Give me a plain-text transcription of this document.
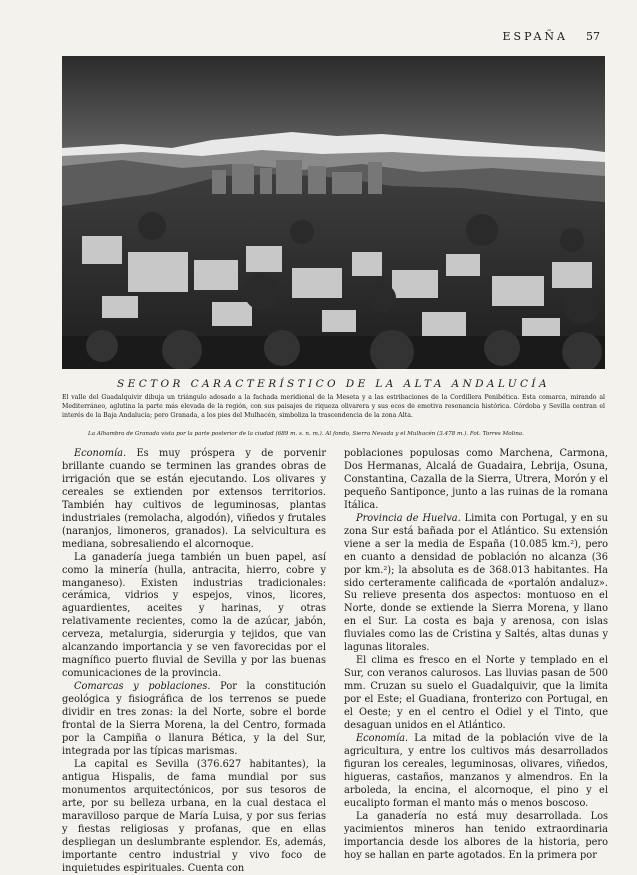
ESPAÑA 57
SECTOR CARACTERÍSTICO DE LA ALTA ANDALUCÍA
El valle del Guadalquivir dibuja un triángulo adosado a la fachada meridional de la Meseta y a las estribaciones de la Cordillera Penibética. Esta comarca, mirando al Mediterráneo, aglutina la parte más elevada de la región, con sus paisajes de riqueza olivarera y sus ecos de emotiva resonancia histórica. Córdoba y Sevilla centran el interés de la Baja Andalucía; pero Granada, a los pies del Mulhacén, simboliza la trascendencia de la zona Alta.
La Alhambra de Granada vista por la parte posterior de la ciudad (689 m. s. n. m.). Al fondo, Sierra Nevada y el Mulhacén (3.478 m.). Fot. Torres Molina.

Economía. Es muy próspera y de porvenir brillante cuando se terminen las grandes obras de irrigación que se están ejecutando. Los olivares y cereales se extienden por extensos territorios. También hay cultivos de leguminosas, plantas industriales (remolacha, algodón), viñedos y frutales (naranjos, limoneros, granados). La selvicultura es mediana, sobresaliendo el alcornoque.

La ganadería juega también un buen papel, así como la minería (hulla, antracita, hierro, cobre y manganeso). Existen industrias tradicionales: cerámica, vidrios y espejos, vinos, licores, aguardientes, aceites y harinas, y otras relativamente recientes, como la de azúcar, jabón, cerveza, metalurgia, siderurgia y tejidos, que van alcanzando importancia y se ven favorecidas por el magnífico puerto fluvial de Sevilla y por las buenas comunicaciones de la provincia.

Comarcas y poblaciones. Por la constitución geológica y fisiográfica de los terrenos se puede dividir en tres zonas: la del Norte, sobre el borde frontal de la Sierra Morena, la del Centro, formada por la Campiña o llanura Bética, y la del Sur, integrada por las típicas marismas.

La capital es Sevilla (376.627 habitantes), la antigua Hispalis, de fama mundial por sus monumentos arquitectónicos, por sus tesoros de arte, por su belleza urbana, en la cual destaca el maravilloso parque de María Luisa, y por sus ferias y fiestas religiosas y profanas, que en ellas despliegan un deslumbrante esplendor. Es, además, importante centro industrial y vivo foco de inquietudes espirituales. Cuenta con

poblaciones populosas como Marchena, Carmona, Dos Hermanas, Alcalá de Guadaira, Lebrija, Osuna, Constantina, Cazalla de la Sierra, Utrera, Morón y el pequeño Santiponce, junto a las ruinas de la romana Itálica.

Provincia de Huelva. Limita con Portugal, y en su zona Sur está bañada por el Atlántico. Su extensión viene a ser la media de España (10.085 km.²), pero en cuanto a densidad de población no alcanza (36 por km.²); la absoluta es de 368.013 habitantes. Ha sido certeramente calificada de «portalón andaluz». Su relieve presenta dos aspectos: montuoso en el Norte, donde se extiende la Sierra Morena, y llano en el Sur. La costa es baja y arenosa, con islas fluviales como las de Cristina y Saltés, altas dunas y lagunas litorales.

El clima es fresco en el Norte y templado en el Sur, con veranos calurosos. Las lluvias pasan de 500 mm. Cruzan su suelo el Guadalquivir, que la limita por el Este; el Guadiana, fronterizo con Portugal, en el Oeste; y en el centro el Odiel y el Tinto, que desaguan unidos en el Atlántico.

Economía. La mitad de la población vive de la agricultura, y entre los cultivos más desarrollados figuran los cereales, leguminosas, olivares, viñedos, higueras, castaños, manzanos y almendros. En la arboleda, la encina, el alcornoque, el pino y el eucalipto forman el manto más o menos boscoso.

La ganadería no está muy desarrollada. Los yacimientos mineros han tenido extraordinaria importancia desde los albores de la historia, pero hoy se hallan en parte agotados. En la primera por
